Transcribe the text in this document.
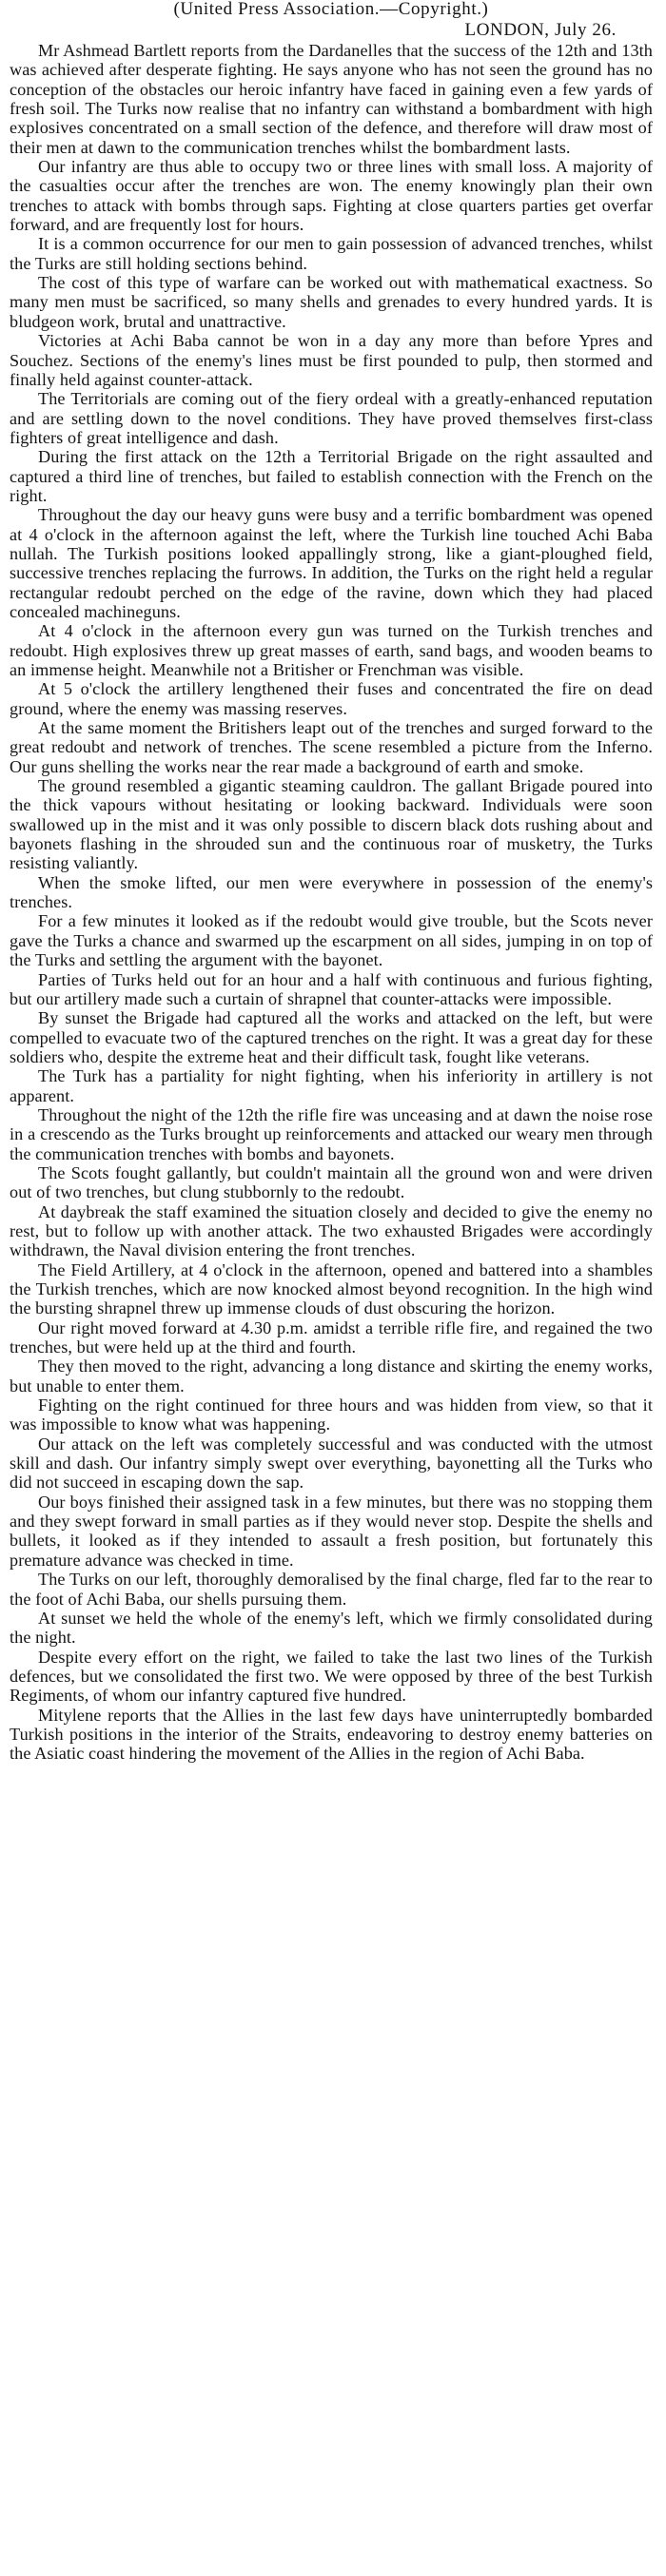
(United Press Association.—Copyright.)
LONDON, July 26.

Mr Ashmead Bartlett reports from the Dardanelles that the success of the 12th and 13th was achieved after desperate fighting. He says anyone who has not seen the ground has no conception of the obstacles our heroic infantry have faced in gaining even a few yards of fresh soil. The Turks now realise that no infantry can withstand a bombardment with high explosives concentrated on a small section of the defence, and therefore will draw most of their men at dawn to the communication trenches whilst the bombardment lasts.

Our infantry are thus able to occupy two or three lines with small loss. A majority of the casualties occur after the trenches are won. The enemy knowingly plan their own trenches to attack with bombs through saps. Fighting at close quarters parties get overfar forward, and are frequently lost for hours.

It is a common occurrence for our men to gain possession of advanced trenches, whilst the Turks are still holding sections behind.

The cost of this type of warfare can be worked out with mathematical exactness. So many men must be sacrificed, so many shells and grenades to every hundred yards. It is bludgeon work, brutal and unattractive.

Victories at Achi Baba cannot be won in a day any more than before Ypres and Souchez. Sections of the enemy's lines must be first pounded to pulp, then stormed and finally held against counter-attack.

The Territorials are coming out of the fiery ordeal with a greatly-enhanced reputation and are settling down to the novel conditions. They have proved themselves first-class fighters of great intelligence and dash.

During the first attack on the 12th a Territorial Brigade on the right assaulted and captured a third line of trenches, but failed to establish connection with the French on the right.

Throughout the day our heavy guns were busy and a terrific bombardment was opened at 4 o'clock in the afternoon against the left, where the Turkish line touched Achi Baba nullah. The Turkish positions looked appallingly strong, like a giant-ploughed field, successive trenches replacing the furrows. In addition, the Turks on the right held a regular rectangular redoubt perched on the edge of the ravine, down which they had placed concealed machineguns.

At 4 o'clock in the afternoon every gun was turned on the Turkish trenches and redoubt. High explosives threw up great masses of earth, sand bags, and wooden beams to an immense height. Meanwhile not a Britisher or Frenchman was visible.

At 5 o'clock the artillery lengthened their fuses and concentrated the fire on dead ground, where the enemy was massing reserves.

At the same moment the Britishers leapt out of the trenches and surged forward to the great redoubt and network of trenches. The scene resembled a picture from the Inferno. Our guns shelling the works near the rear made a background of earth and smoke.

The ground resembled a gigantic steaming cauldron. The gallant Brigade poured into the thick vapours without hesitating or looking backward. Individuals were soon swallowed up in the mist and it was only possible to discern black dots rushing about and bayonets flashing in the shrouded sun and the continuous roar of musketry, the Turks resisting valiantly.

When the smoke lifted, our men were everywhere in possession of the enemy's trenches.

For a few minutes it looked as if the redoubt would give trouble, but the Scots never gave the Turks a chance and swarmed up the escarpment on all sides, jumping in on top of the Turks and settling the argument with the bayonet.

Parties of Turks held out for an hour and a half with continuous and furious fighting, but our artillery made such a curtain of shrapnel that counter-attacks were impossible.

By sunset the Brigade had captured all the works and attacked on the left, but were compelled to evacuate two of the captured trenches on the right. It was a great day for these soldiers who, despite the extreme heat and their difficult task, fought like veterans.

The Turk has a partiality for night fighting, when his inferiority in artillery is not apparent.

Throughout the night of the 12th the rifle fire was unceasing and at dawn the noise rose in a crescendo as the Turks brought up reinforcements and attacked our weary men through the communication trenches with bombs and bayonets.

The Scots fought gallantly, but couldn't maintain all the ground won and were driven out of two trenches, but clung stubbornly to the redoubt.

At daybreak the staff examined the situation closely and decided to give the enemy no rest, but to follow up with another attack. The two exhausted Brigades were accordingly withdrawn, the Naval division entering the front trenches.

The Field Artillery, at 4 o'clock in the afternoon, opened and battered into a shambles the Turkish trenches, which are now knocked almost beyond recognition. In the high wind the bursting shrapnel threw up immense clouds of dust obscuring the horizon.

Our right moved forward at 4.30 p.m. amidst a terrible rifle fire, and regained the two trenches, but were held up at the third and fourth.

They then moved to the right, advancing a long distance and skirting the enemy works, but unable to enter them.

Fighting on the right continued for three hours and was hidden from view, so that it was impossible to know what was happening.

Our attack on the left was completely successful and was conducted with the utmost skill and dash. Our infantry simply swept over everything, bayonetting all the Turks who did not succeed in escaping down the sap.

Our boys finished their assigned task in a few minutes, but there was no stopping them and they swept forward in small parties as if they would never stop. Despite the shells and bullets, it looked as if they intended to assault a fresh position, but fortunately this premature advance was checked in time.

The Turks on our left, thoroughly demoralised by the final charge, fled far to the rear to the foot of Achi Baba, our shells pursuing them.

At sunset we held the whole of the enemy's left, which we firmly consolidated during the night.

Despite every effort on the right, we failed to take the last two lines of the Turkish defences, but we consolidated the first two. We were opposed by three of the best Turkish Regiments, of whom our infantry captured five hundred.

Mitylene reports that the Allies in the last few days have uninterruptedly bombarded Turkish positions in the interior of the Straits, endeavoring to destroy enemy batteries on the Asiatic coast hindering the movement of the Allies in the region of Achi Baba.
